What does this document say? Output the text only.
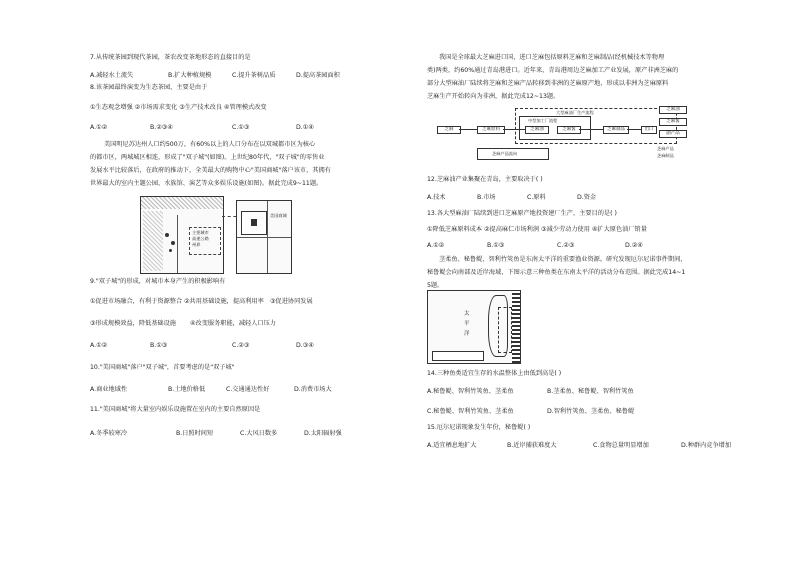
7.从传统茶园到现代茶园，茶农改变茶地形态的直接目的是
A.减轻水土流失	B.扩大种植规模	C.提升茶树品质	D.提高茶园面积
8.该茶园最终演变为生态茶园，主要是由于
①生态观念增强 ②市场需求变化 ③生产技术改良 ④管理模式改变
A.①②	B.②③④	C.①③	D.①④
美国明尼苏达州人口约500万，有60%以上的人口分布在以双城都市区为核心
的都市区，两城城区相连，形成了"双子城"(如图)。上世纪80年代，"双子城"的零售业
发展水平比较落后，在政府的推动下，全美最大的购物中心"美国商城"落户该市，其拥有
世界最大的室内主题公园、水族馆、演艺等众多娱乐设施(如图)。据此完成9~11题。
主要城市
高速公路
州界
美国商城
9."双子城"的形成，对城市本身产生的积极影响有
①促进市场融合，有利于资源整合 ②共用基础设施，提高利用率 ③促进协同发展
③形成规模效益，降低基础设施 ④改变服务职能，减轻人口压力
A.①②	B.①③	C.②③	D.③④
10."美国商城"落户"双子城"，首要考虑的是"双子城"
A.商业地域性	B.土地价格低	C.交通通达性好	D.消费市场大
11."美国商城"将大量室内娱乐设施置在室内的主要自然原因是
A.冬季较寒冷	B.日照时间短	C.大风日数多	D.太阳辐射强
我国是全球最大芝麻进口国，进口芝麻包括原料芝麻和芝麻制品(经机械技术等物理
类)两类，约60%通过青岛港进口。近年来，青岛港周边芝麻加工产业发展，原产非洲芝麻的
部分大型麻油厂陆续将芝麻和芝麻产品转移到非洲的芝麻原产地，形成以非洲为芝麻原料
芝麻生产开始转向为非洲，据此完成12~13题。
大型麻油厂生产流程
中型加工厂流程
芝麻	芝麻原料	芝麻油	芝麻酱	芝麻制品
芝麻油
芝麻酱
副产品
出口
芝麻产品流向
芝麻产品
芝麻制品
12.芝麻油产业集聚在青岛，主要取决于( )
A.技术	B.市场	C.原料	D.资金
13.各大型麻油厂陆续到进口芝麻原产地投资建厂生产，主要目的是( )
①降低芝麻原料成本 ②提高麻仁市场利润 ③减少劳动力使用 ④扩大原色油厂销量
A.①②	B.①③	C.②③	D.②④
茎柔鱼、秘鲁鳀、智利竹筴鱼是东南太平洋的重要渔业资源。研究发现厄尔尼诺事件期间，
秘鲁鳀会向南部及近岸海域，下图示意三种鱼类在东南太平洋的活动分布范围。据此完成14~1
5题。
太
平
洋
14.三种鱼类适宜生存的水温整体上由低到高是( )
A.秘鲁鳀、智利竹筴鱼、茎柔鱼	B.茎柔鱼、秘鲁鳀、智利竹筴鱼
C.秘鲁鳀、智利竹筴鱼、茎柔鱼	D.智利竹筴鱼、茎柔鱼、秘鲁鳀
15.厄尔尼诺现象发生年份，秘鲁鳀( )
A.适宜栖息地扩大	B.近岸捕获难度大	C.食物总量明显增加	D.种群内竞争增加
